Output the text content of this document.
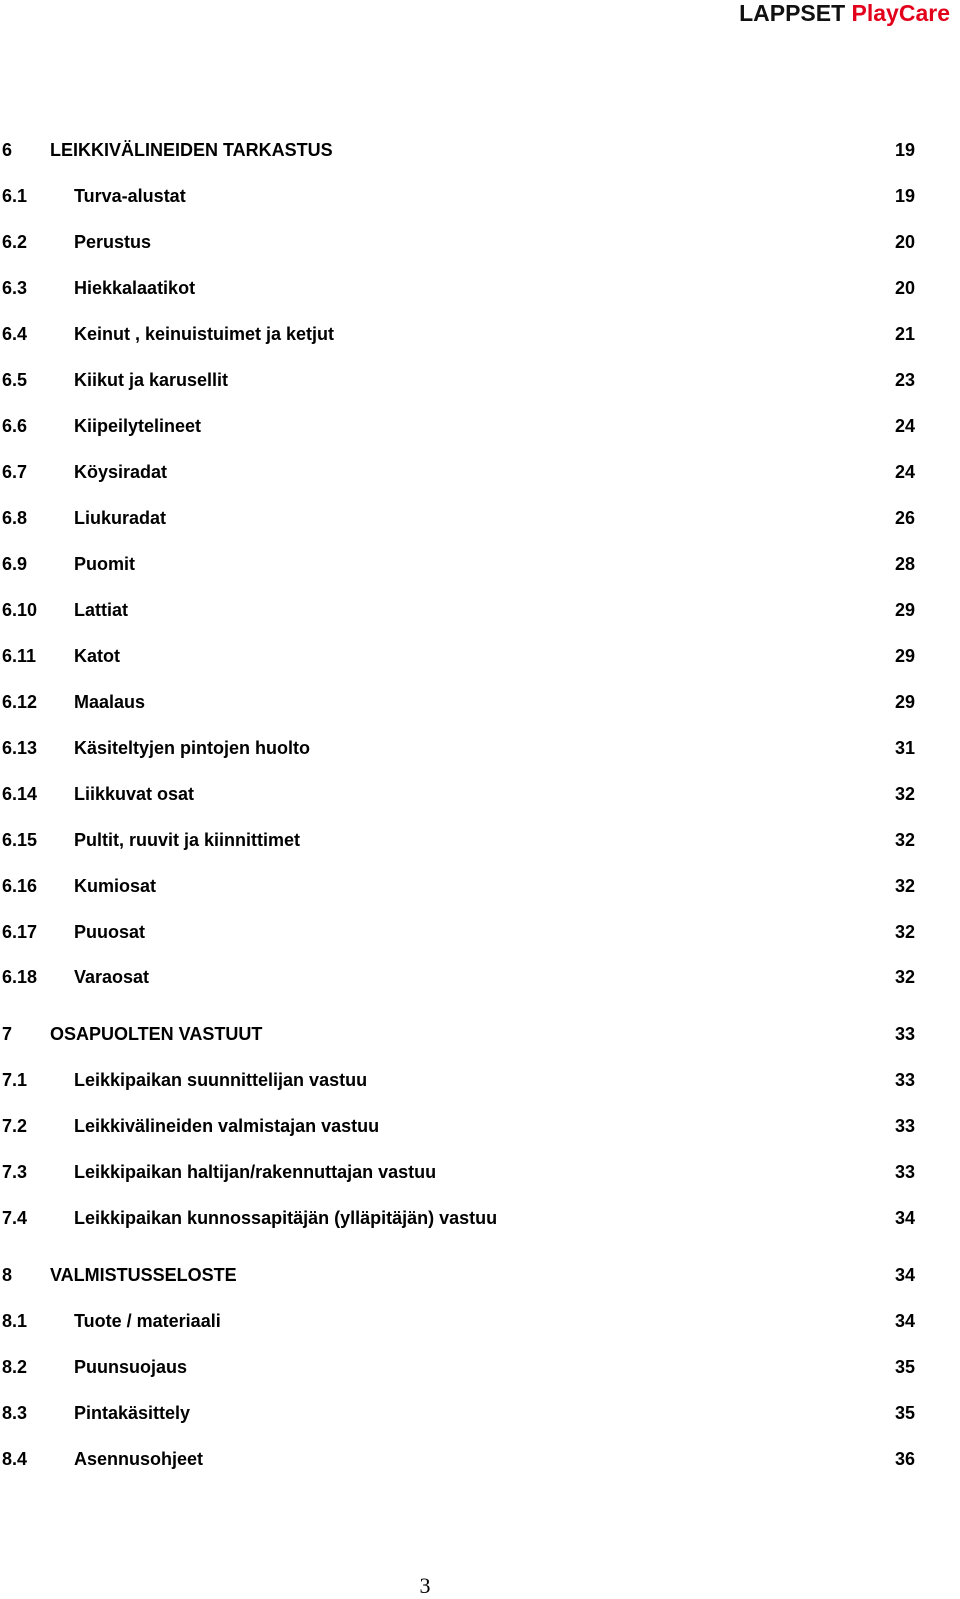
LAPPSET PlayCare
6 LEIKKIVÄLINEIDEN TARKASTUS	19
6.1	Turva-alustat	19
6.2	Perustus	20
6.3	Hiekkalaatikot	20
6.4	Keinut , keinuistuimet ja ketjut	21
6.5	Kiikut ja karusellit	23
6.6	Kiipeilytelineet	24
6.7	Köysiradat	24
6.8	Liukuradat	26
6.9	Puomit	28
6.10 Lattiat	29
6.11 Katot	29
6.12 Maalaus	29
6.13 Käsiteltyjen pintojen huolto	31
6.14 Liikkuvat osat	32
6.15 Pultit, ruuvit ja kiinnittimet	32
6.16 Kumiosat	32
6.17 Puuosat	32
6.18 Varaosat	32
7 OSAPUOLTEN VASTUUT	33
7.1	Leikkipaikan suunnittelijan vastuu	33
7.2	Leikkivälineiden valmistajan vastuu	33
7.3	Leikkipaikan haltijan/rakennuttajan vastuu	33
7.4	Leikkipaikan kunnossapitäjän (ylläpitäjän) vastuu	34
8 VALMISTUSSELOSTE	34
8.1	Tuote / materiaali	34
8.2	Puunsuojaus	35
8.3	Pintakäsittely	35
8.4	Asennusohjeet	36
3
